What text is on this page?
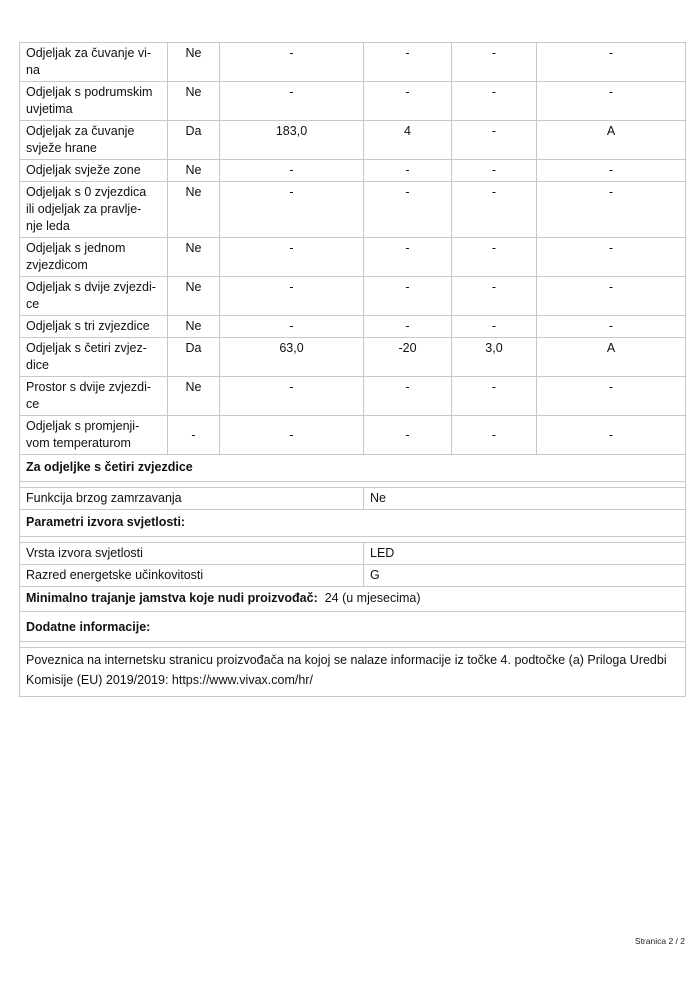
Odjeljak za čuvanje vi-
na	Ne	-	-	-	-
Odjeljak s podrumskim
uvjetima	Ne	-	-	-	-
Odjeljak za čuvanje
svježe hrane	Da	183,0	4	-	A
Odjeljak svježe zone	Ne	-	-	-	-
Odjeljak s 0 zvjezdica
ili odjeljak za pravlje-
nje leda	Ne	-	-	-	-
Odjeljak s jednom
zvjezdicom	Ne	-	-	-	-
Odjeljak s dvije zvjezdi-
ce	Ne	-	-	-	-
Odjeljak s tri zvjezdice	Ne	-	-	-	-
Odjeljak s četiri zvjez-
dice	Da	63,0	-20	3,0	A
Prostor s dvije zvjezdi-
ce	Ne	-	-	-	-
Odjeljak s promjenji-
vom temperaturom	-	-	-	-	-
Za odjeljke s četiri zvjezdice					

Funkcija brzog zamrzavanja			Ne		
Parametri izvora svjetlosti:					

Vrsta izvora svjetlosti			LED		
Razred energetske učinkovitosti			G		
Minimalno trajanje jamstva koje nudi proizvođač: 24 (u mjesecima)					
Dodatne informacije:					

Poveznica na internetsku stranicu proizvođača na kojoj se nalaze informacije iz točke 4. podtočke (a) Priloga Uredbi Komisije (EU) 2019/2019: https://www.vivax.com/hr/					
Stranica 2 / 2
